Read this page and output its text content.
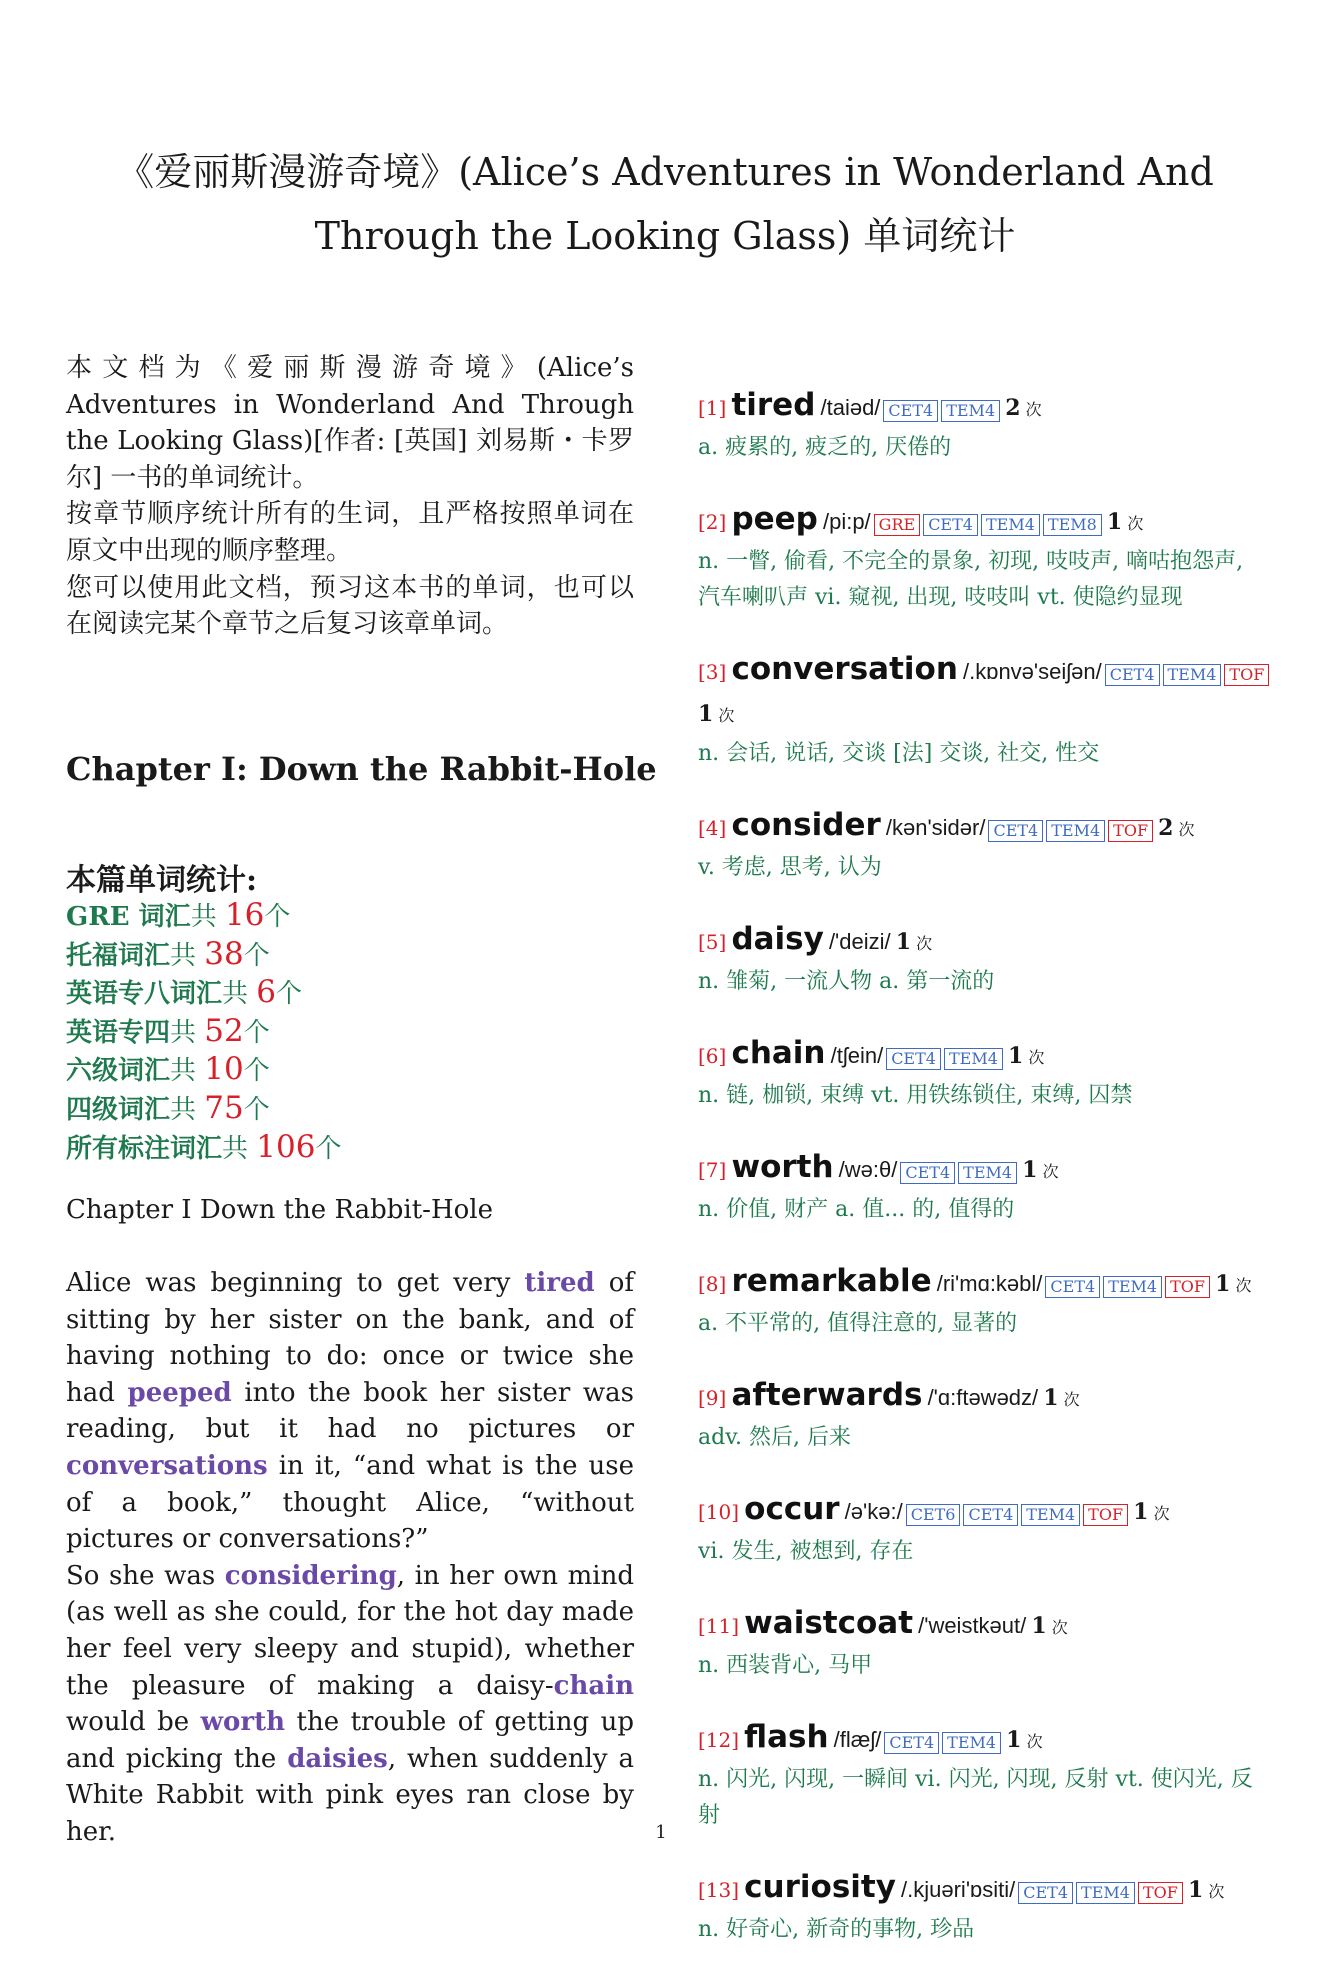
《爱丽斯漫游奇境》(Alice’s Adventures in Wonderland And
Through the Looking Glass) 单词统计

本文档为《爱丽斯漫游奇境》(Alice’s Adventures in Wonderland And Through the Looking Glass)[作者: [英国] 刘易斯・卡罗尔] 一书的单词统计。

按章节顺序统计所有的生词，且严格按照单词在原文中出现的顺序整理。

您可以使用此文档，预习这本书的单词，也可以在阅读完某个章节之后复习该章单词。

Chapter I: Down the Rabbit-Hole
本篇单词统计:
GRE 词汇共 16个
托福词汇共 38个
英语专八词汇共 6个
英语专四共 52个
六级词汇共 10个
四级词汇共 75个
所有标注词汇共 106个
Chapter I Down the Rabbit-Hole

Alice was beginning to get very tired of sitting by her sister on the bank, and of having nothing to do: once or twice she had peeped into the book her sister was reading, but it had no pictures or conversations in it, “and what is the use of a book,” thought Alice, “without pictures or conversations?”

So she was considering, in her own mind (as well as she could, for the hot day made her feel very sleepy and stupid), whether the pleasure of making a daisy-chain would be worth the trouble of getting up and picking the daisies, when suddenly a White Rabbit with pink eyes ran close by her.

[1] tired /taiəd/ CET4 TEM4 2 次
a. 疲累的, 疲乏的, 厌倦的
[2] peep /pi:p/ GRE CET4 TEM4 TEM8 1 次
n. 一瞥, 偷看, 不完全的景象, 初现, 吱吱声, 嘀咕抱怨声, 汽车喇叭声 vi. 窥视, 出现, 吱吱叫 vt. 使隐约显现
[3] conversation /.kɒnvə'seiʃən/ CET4 TEM4 TOF 1 次
n. 会话, 说话, 交谈 [法] 交谈, 社交, 性交
[4] consider /kən'sidər/ CET4 TEM4 TOF 2 次
v. 考虑, 思考, 认为
[5] daisy /'deizi/ 1 次
n. 雏菊, 一流人物 a. 第一流的
[6] chain /tʃein/ CET4 TEM4 1 次
n. 链, 枷锁, 束缚 vt. 用铁练锁住, 束缚, 囚禁
[7] worth /wə:θ/ CET4 TEM4 1 次
n. 价值, 财产 a. 值... 的, 值得的
[8] remarkable /ri'mɑ:kəbl/ CET4 TEM4 TOF 1 次
a. 不平常的, 值得注意的, 显著的
[9] afterwards /'ɑ:ftəwədz/ 1 次
adv. 然后, 后来
[10] occur /ə'kə:/ CET6 CET4 TEM4 TOF 1 次
vi. 发生, 被想到, 存在
[11] waistcoat /'weistkəut/ 1 次
n. 西装背心, 马甲
[12] flash /flæʃ/ CET4 TEM4 1 次
n. 闪光, 闪现, 一瞬间 vi. 闪光, 闪现, 反射 vt. 使闪光, 反射
[13] curiosity /.kjuəri'ɒsiti/ CET4 TEM4 TOF 1 次
n. 好奇心, 新奇的事物, 珍品
1
